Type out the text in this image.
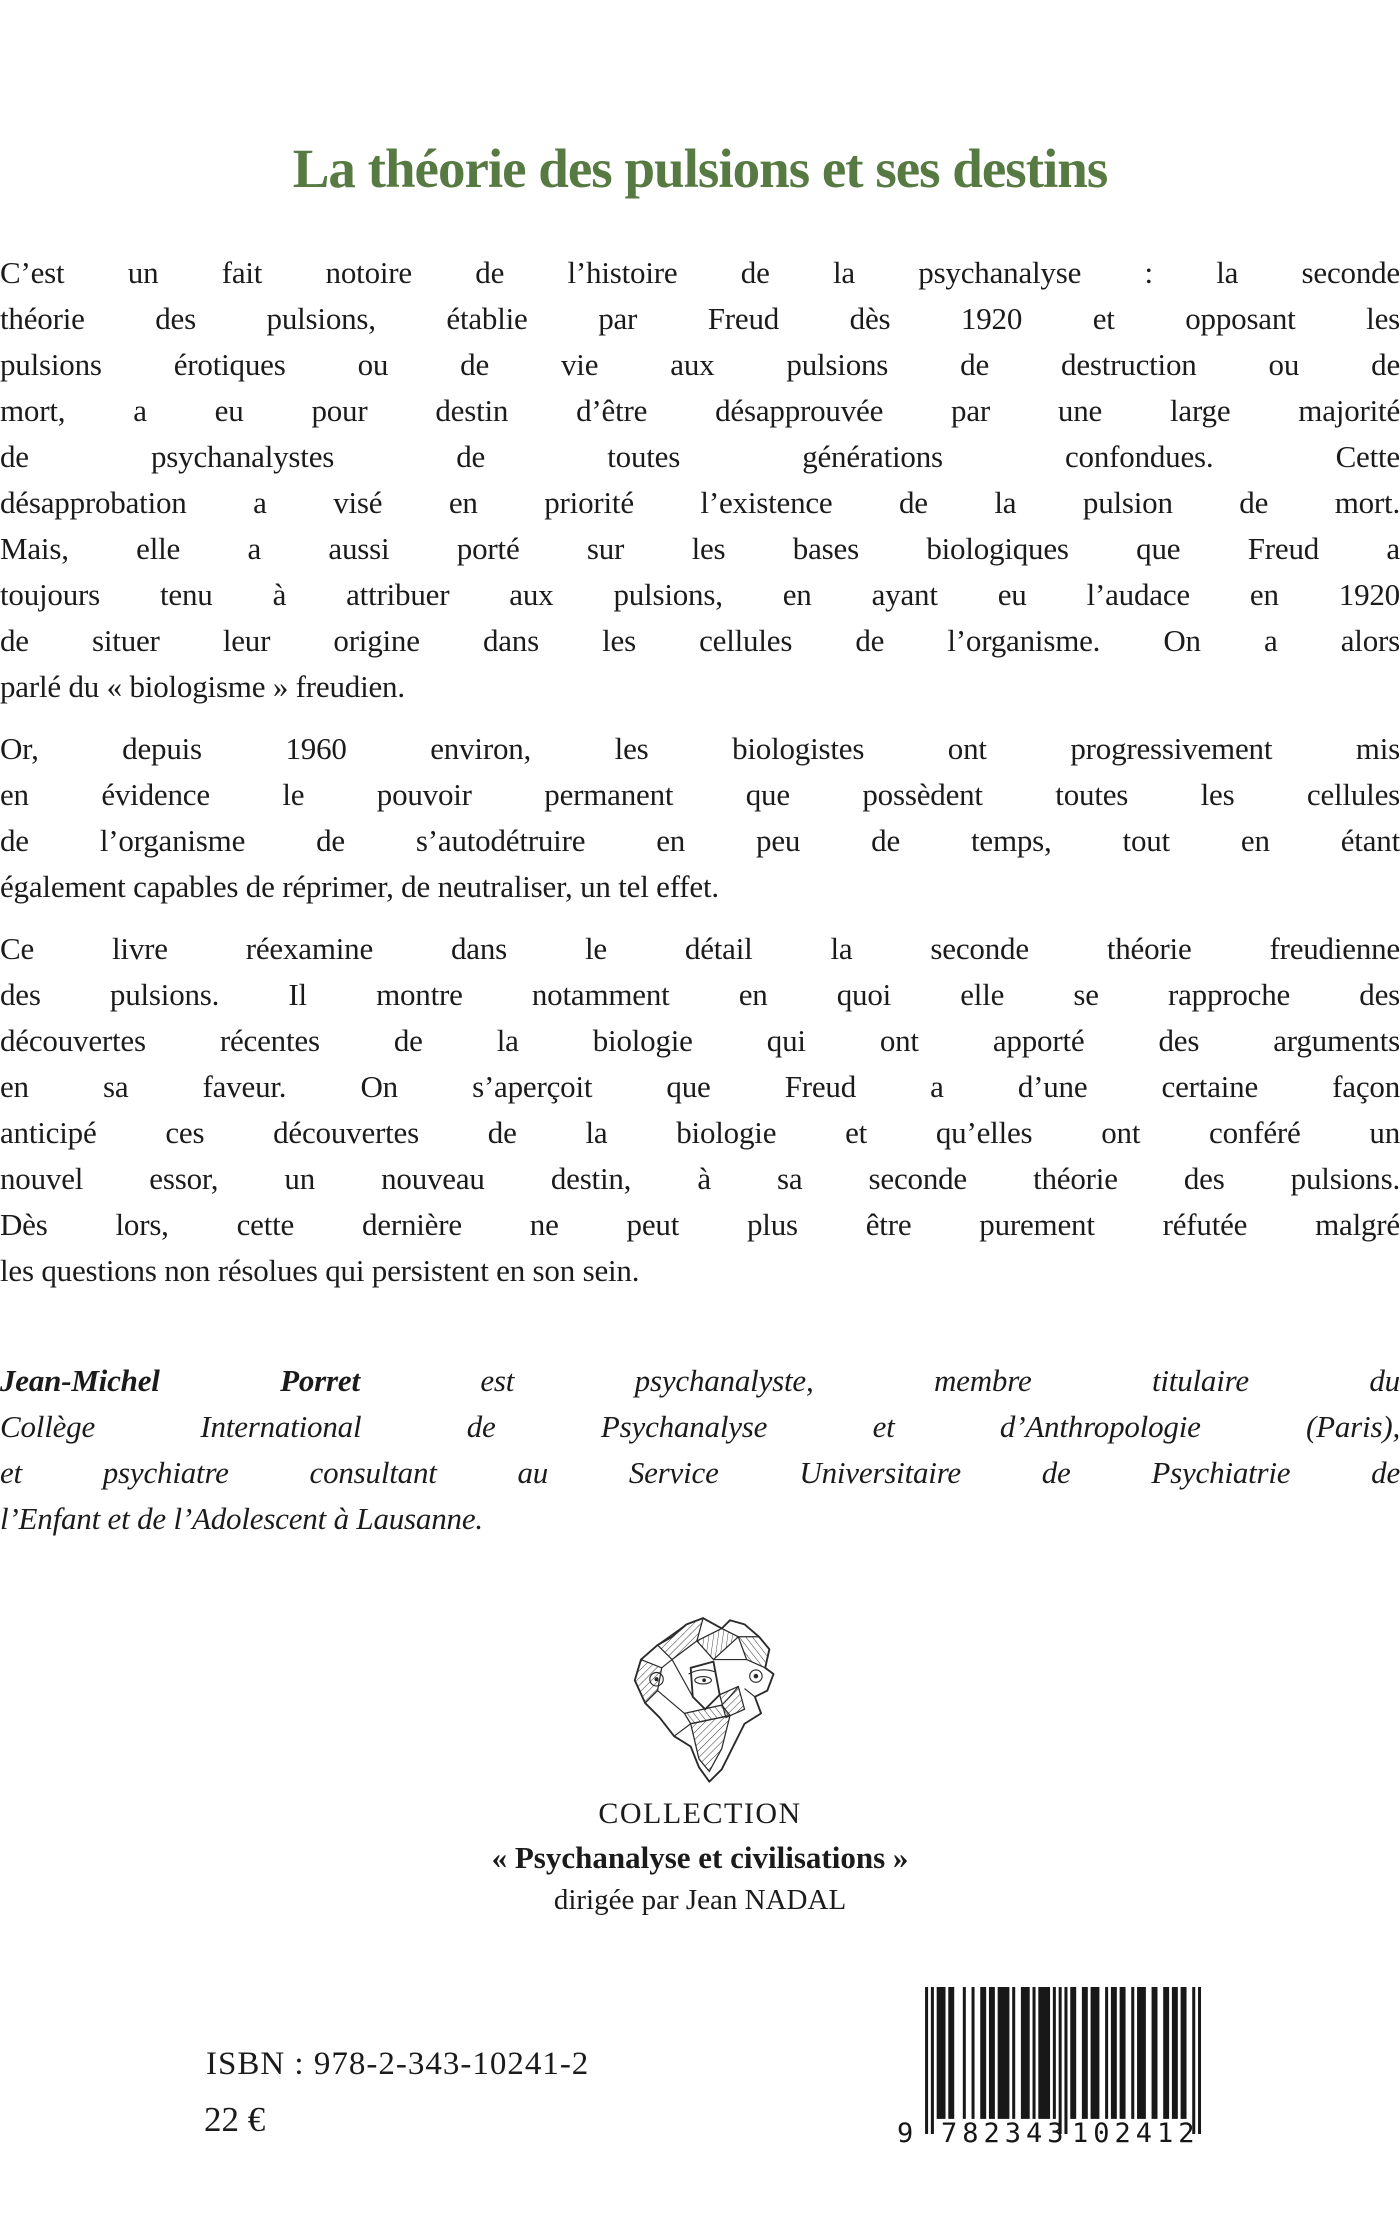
La théorie des pulsions et ses destins
C’est un fait notoire de l’histoire de la psychanalyse : la seconde
théorie des pulsions, établie par Freud dès 1920 et opposant les
pulsions érotiques ou de vie aux pulsions de destruction ou de
mort, a eu pour destin d’être désapprouvée par une large majorité
de psychanalystes de toutes générations confondues. Cette
désapprobation a visé en priorité l’existence de la pulsion de mort.
Mais, elle a aussi porté sur les bases biologiques que Freud a
toujours tenu à attribuer aux pulsions, en ayant eu l’audace en 1920
de situer leur origine dans les cellules de l’organisme. On a alors
parlé du « biologisme » freudien.
Or, depuis 1960 environ, les biologistes ont progressivement mis
en évidence le pouvoir permanent que possèdent toutes les cellules
de l’organisme de s’autodétruire en peu de temps, tout en étant
également capables de réprimer, de neutraliser, un tel effet.
Ce livre réexamine dans le détail la seconde théorie freudienne
des pulsions. Il montre notamment en quoi elle se rapproche des
découvertes récentes de la biologie qui ont apporté des arguments
en sa faveur. On s’aperçoit que Freud a d’une certaine façon
anticipé ces découvertes de la biologie et qu’elles ont conféré un
nouvel essor, un nouveau destin, à sa seconde théorie des pulsions.
Dès lors, cette dernière ne peut plus être purement réfutée malgré
les questions non résolues qui persistent en son sein.
Jean-Michel Porret est psychanalyste, membre titulaire du
Collège International de Psychanalyse et d’Anthropologie (Paris),
et psychiatre consultant au Service Universitaire de Psychiatrie de
l’Enfant et de l’Adolescent à Lausanne.
COLLECTION
« Psychanalyse et civilisations »
dirigée par Jean NADAL
ISBN : 978-2-343-10241-2
22 €	9 782343 102412
